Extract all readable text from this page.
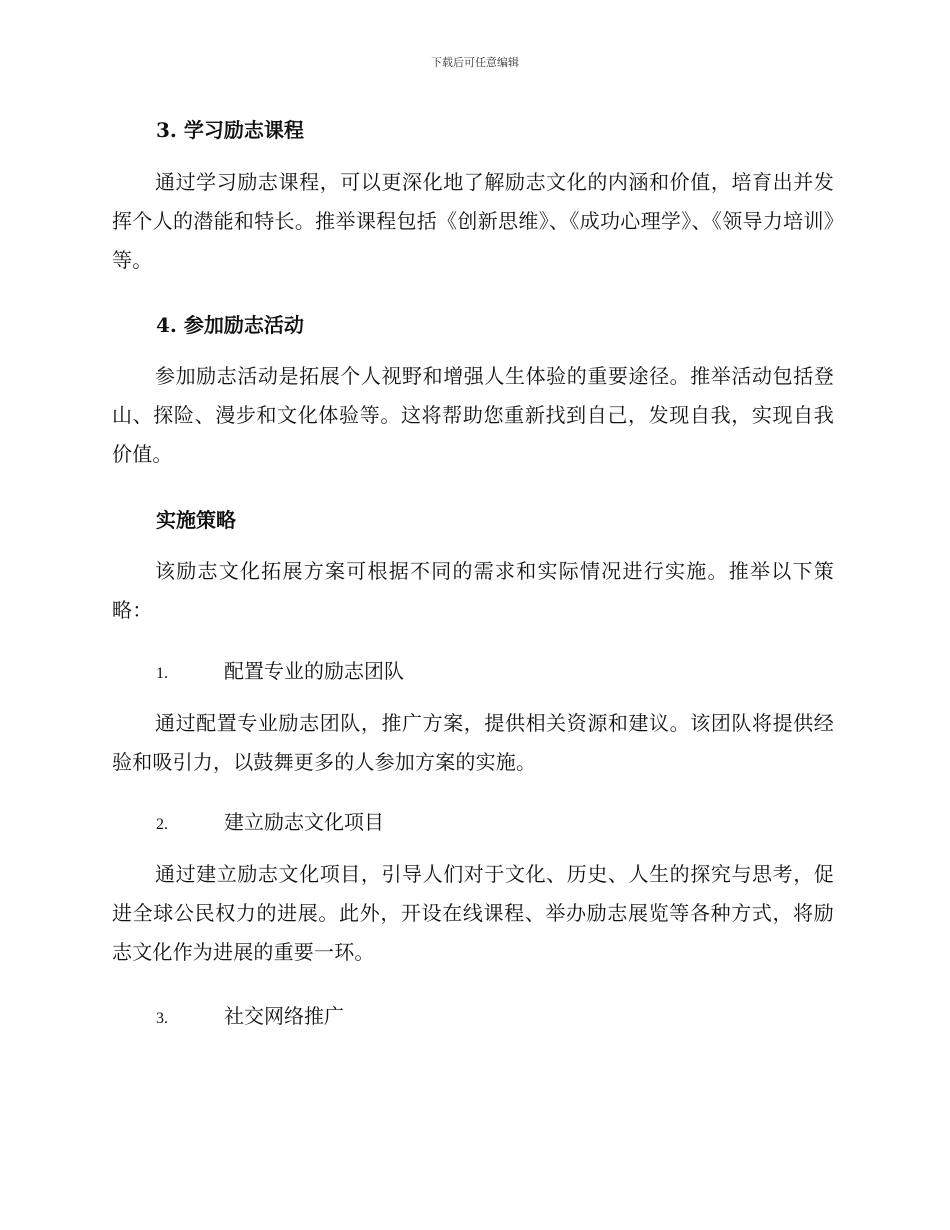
下载后可任意编辑
3. 学习励志课程

通过学习励志课程，可以更深化地了解励志文化的内涵和价值，培育出并发挥个人的潜能和特长。推举课程包括《创新思维》、《成功心理学》、《领导力培训》等。

4. 参加励志活动

参加励志活动是拓展个人视野和增强人生体验的重要途径。推举活动包括登山、探险、漫步和文化体验等。这将帮助您重新找到自己，发现自我，实现自我价值。

实施策略

该励志文化拓展方案可根据不同的需求和实际情况进行实施。推举以下策略：

1.	配置专业的励志团队

通过配置专业励志团队，推广方案，提供相关资源和建议。该团队将提供经验和吸引力，以鼓舞更多的人参加方案的实施。

2.	建立励志文化项目

通过建立励志文化项目，引导人们对于文化、历史、人生的探究与思考，促进全球公民权力的进展。此外，开设在线课程、举办励志展览等各种方式，将励志文化作为进展的重要一环。

3.	社交网络推广
